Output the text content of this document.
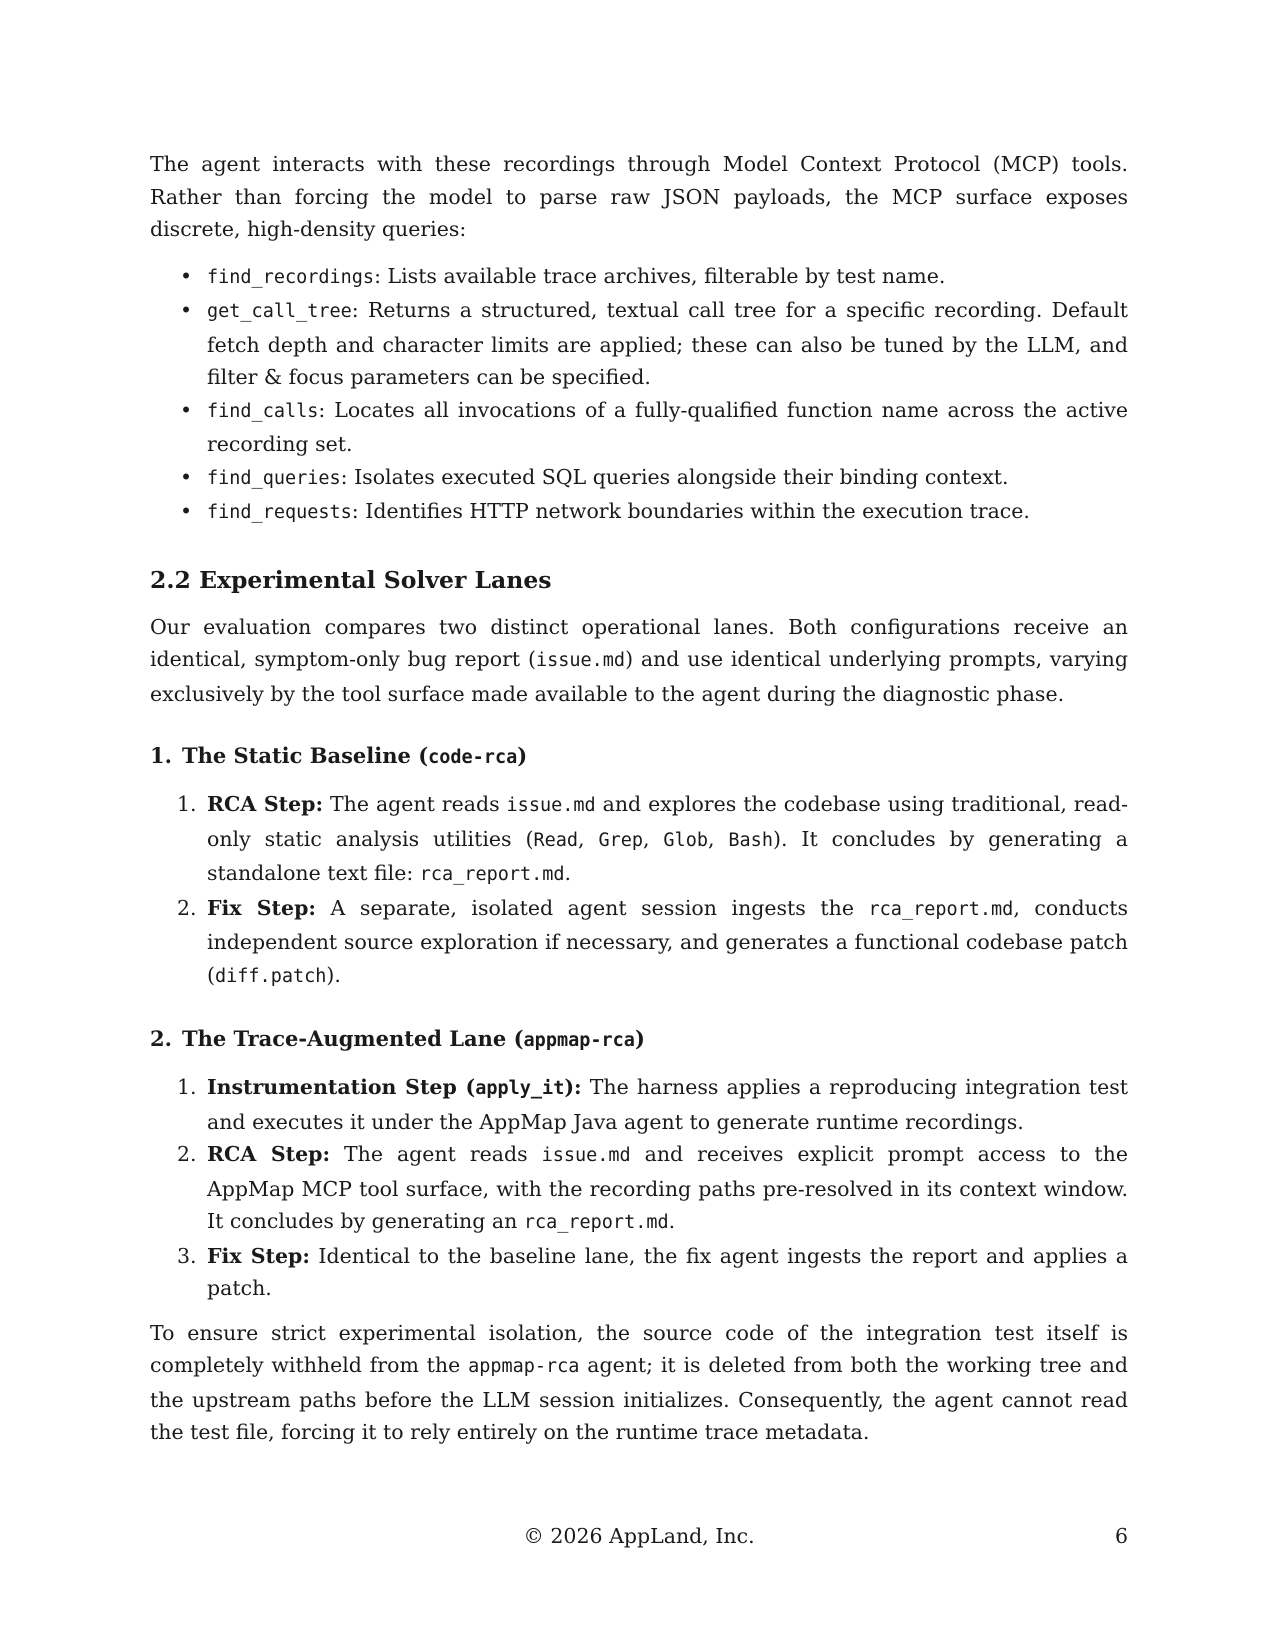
The agent interacts with these recordings through Model Context Protocol (MCP) tools. Rather than forcing the model to parse raw JSON payloads, the MCP surface exposes discrete, high-density queries:

• find_recordings: Lists available trace archives, filterable by test name.
• get_call_tree: Returns a structured, textual call tree for a specific recording. Default fetch depth and character limits are applied; these can also be tuned by the LLM, and filter & focus parameters can be specified.
• find_calls: Locates all invocations of a fully-qualified function name across the active recording set.
• find_queries: Isolates executed SQL queries alongside their binding context.
• find_requests: Identifies HTTP network boundaries within the execution trace.
2.2 Experimental Solver Lanes

Our evaluation compares two distinct operational lanes. Both configurations receive an identical, symptom-only bug report (issue.md) and use identical underlying prompts, varying exclusively by the tool surface made available to the agent during the diagnostic phase.

1. The Static Baseline (code-rca)
1. RCA Step: The agent reads issue.md and explores the codebase using traditional, read-only static analysis utilities (Read, Grep, Glob, Bash). It concludes by generating a standalone text file: rca_report.md.
2. Fix Step: A separate, isolated agent session ingests the rca_report.md, conducts independent source exploration if necessary, and generates a functional codebase patch (diff.patch).
2. The Trace-Augmented Lane (appmap-rca)
1. Instrumentation Step (apply_it): The harness applies a reproducing integration test and executes it under the AppMap Java agent to generate runtime recordings.
2. RCA Step: The agent reads issue.md and receives explicit prompt access to the AppMap MCP tool surface, with the recording paths pre-resolved in its context window. It concludes by generating an rca_report.md.
3. Fix Step: Identical to the baseline lane, the fix agent ingests the report and applies a patch.

To ensure strict experimental isolation, the source code of the integration test itself is completely withheld from the appmap-rca agent; it is deleted from both the working tree and the upstream paths before the LLM session initializes. Consequently, the agent cannot read the test file, forcing it to rely entirely on the runtime trace metadata.

© 2026 AppLand, Inc.	6
